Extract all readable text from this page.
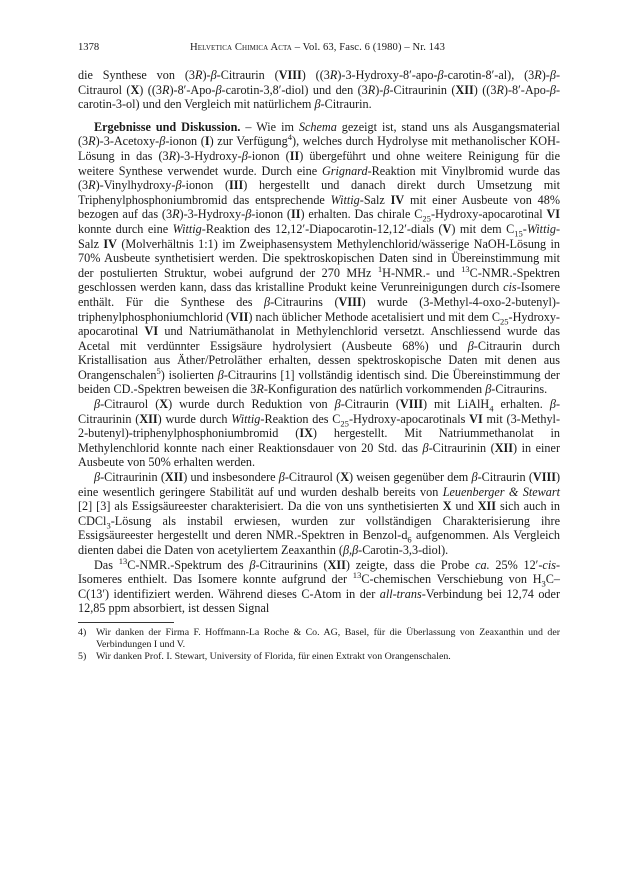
1378	Helvetica Chimica Acta – Vol. 63, Fasc. 6 (1980) – Nr. 143

die Synthese von (3R)-β-Citraurin (VIII) ((3R)-3-Hydroxy-8′-apo-β-carotin-8′-al), (3R)-β-Citraurol (X) ((3R)-8′-Apo-β-carotin-3,8′-diol) und den (3R)-β-Citraurinin (XII) ((3R)-8′-Apo-β-carotin-3-ol) und den Vergleich mit natürlichem β-Citraurin.

Ergebnisse und Diskussion. – Wie im Schema gezeigt ist, stand uns als Ausgangsmaterial (3R)-3-Acetoxy-β-ionon (I) zur Verfügung$^4$), welches durch Hydrolyse mit methanolischer KOH-Lösung in das (3R)-3-Hydroxy-β-ionon (II) übergeführt und ohne weitere Reinigung für die weitere Synthese verwendet wurde. Durch eine Grignard-Reaktion mit Vinylbromid wurde das (3R)-Vinylhydroxy-β-ionon (III) hergestellt und danach direkt durch Umsetzung mit Triphenylphosphoniumbromid das entsprechende Wittig-Salz IV mit einer Ausbeute von 48% bezogen auf das (3R)-3-Hydroxy-β-ionon (II) erhalten. Das chirale $C_{25}-Hydroxy$-apocarotinal VI konnte durch eine Wittig-Reaktion des 12,12′-Diapocarotin-12,12′-dials (V) mit dem $C_{15}-Wittig$-Salz IV (Molverhältnis 1:1) im Zweiphasensystem Methylenchlorid/wässerige NaOH-Lösung in 70% Ausbeute synthetisiert werden. Die spektroskopischen Daten sind in Übereinstimmung mit der postulierten Struktur, wobei aufgrund der 270 MHz $^1$H-NMR.- und $^{13}$C-NMR.-Spektren geschlossen werden kann, dass das kristalline Produkt keine Verunreinigungen durch cis-Isomere enthält. Für die Synthese des β-Citraurins (VIII) wurde (3-Methyl-4-oxo-2-butenyl)-triphenylphosphoniumchlorid (VII) nach üblicher Methode acetalisiert und mit dem $C_{25}-Hydroxy$-apocarotinal VI und Natriumäthanolat in Methylenchlorid versetzt. Anschliessend wurde das Acetal mit verdünnter Essigsäure hydrolysiert (Ausbeute 68%) und β-Citraurin durch Kristallisation aus Äther/Petroläther erhalten, dessen spektroskopische Daten mit denen aus Orangenschalen$^5$) isolierten β-Citraurins [1] vollständig identisch sind. Die Übereinstimmung der beiden CD.-Spektren beweisen die 3R-Konfiguration des natürlich vorkommenden β-Citraurins.

β-Citraurol (X) wurde durch Reduktion von β-Citraurin (VIII) mit LiAlH$_4$ erhalten. β-Citraurinin (XII) wurde durch Wittig-Reaktion des $C_{25}-Hydroxy$-apocarotinals VI mit (3-Methyl-2-butenyl)-triphenylphosphoniumbromid (IX) hergestellt. Mit Natriummethanolat in Methylenchlorid konnte nach einer Reaktionsdauer von 20 Std. das β-Citraurinin (XII) in einer Ausbeute von 50% erhalten werden.

β-Citraurinin (XII) und insbesondere β-Citraurol (X) weisen gegenüber dem β-Citraurin (VIII) eine wesentlich geringere Stabilität auf und wurden deshalb bereits von Leuenberger & Stewart [2] [3] als Essigsäureester charakterisiert. Da die von uns synthetisierten X und XII sich auch in CDCl$_3$-Lösung als instabil erwiesen, wurden zur vollständigen Charakterisierung ihre Essigsäureester hergestellt und deren NMR.-Spektren in Benzol-$d_6$ aufgenommen. Als Vergleich dienten dabei die Daten von acetyliertem Zeaxanthin (β,β-Carotin-3,3-diol).

Das $^{13}$C-NMR.-Spektrum des β-Citraurinins (XII) zeigte, dass die Probe ca. 25% 12′-cis-Isomeres enthielt. Das Isomere konnte aufgrund der $^{13}$C-chemischen Verschiebung von $H_3C-C(13')$ identifiziert werden. Während dieses C-Atom in der all-trans-Verbindung bei 12,74 oder 12,85 ppm absorbiert, ist dessen Signal

4) Wir danken der Firma F. Hoffmann-La Roche & Co. AG, Basel, für die Überlassung von Zeaxanthin und der Verbindungen I und V.

5) Wir danken Prof. I. Stewart, University of Florida, für einen Extrakt von Orangenschalen.
